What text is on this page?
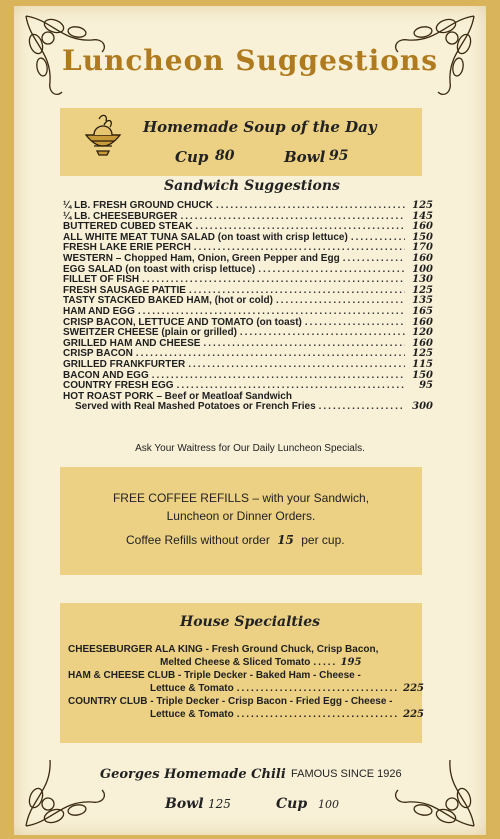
Luncheon Suggestions
Homemade Soup of the Day
Cup 80	Bowl 95
Sandwich Suggestions
¼ LB. FRESH GROUND CHUCK .....	125
¼ LB. CHEESEBURGER .....	145
BUTTERED CUBED STEAK .....	160
ALL WHITE MEAT TUNA SALAD (on toast with crisp lettuce) .....	150
FRESH LAKE ERIE PERCH .....	170
WESTERN – Chopped Ham, Onion, Green Pepper and Egg .....	160
EGG SALAD (on toast with crisp lettuce) .....	100
FILLET OF FISH .....	130
FRESH SAUSAGE PATTIE .....	125
TASTY STACKED BAKED HAM, (hot or cold) .....	135
HAM AND EGG .....	165
CRISP BACON, LETTUCE AND TOMATO (on toast) .....	160
SWEITZER CHEESE (plain or grilled) .....	120
GRILLED HAM AND CHEESE .....	160
CRISP BACON .....	125
GRILLED FRANKFURTER .....	115
BACON AND EGG .....	150
COUNTRY FRESH EGG .....	95
HOT ROAST PORK – Beef or Meatloaf Sandwich
Served with Real Mashed Potatoes or French Fries .....	300
Ask Your Waitress for Our Daily Luncheon Specials.
FREE COFFEE REFILLS – with your Sandwich,
Luncheon or Dinner Orders.
Coffee Refills without order 15 per cup.
House Specialties
CHEESEBURGER ALA KING - Fresh Ground Chuck, Crisp Bacon,
Melted Cheese & Sliced Tomato .....	195
HAM & CHEESE CLUB - Triple Decker - Baked Ham - Cheese -
Lettuce & Tomato .....	225
COUNTRY CLUB - Triple Decker - Crisp Bacon - Fried Egg - Cheese -
Lettuce & Tomato .....	225
Georges Homemade Chili FAMOUS SINCE 1926
Bowl 125	Cup 100
